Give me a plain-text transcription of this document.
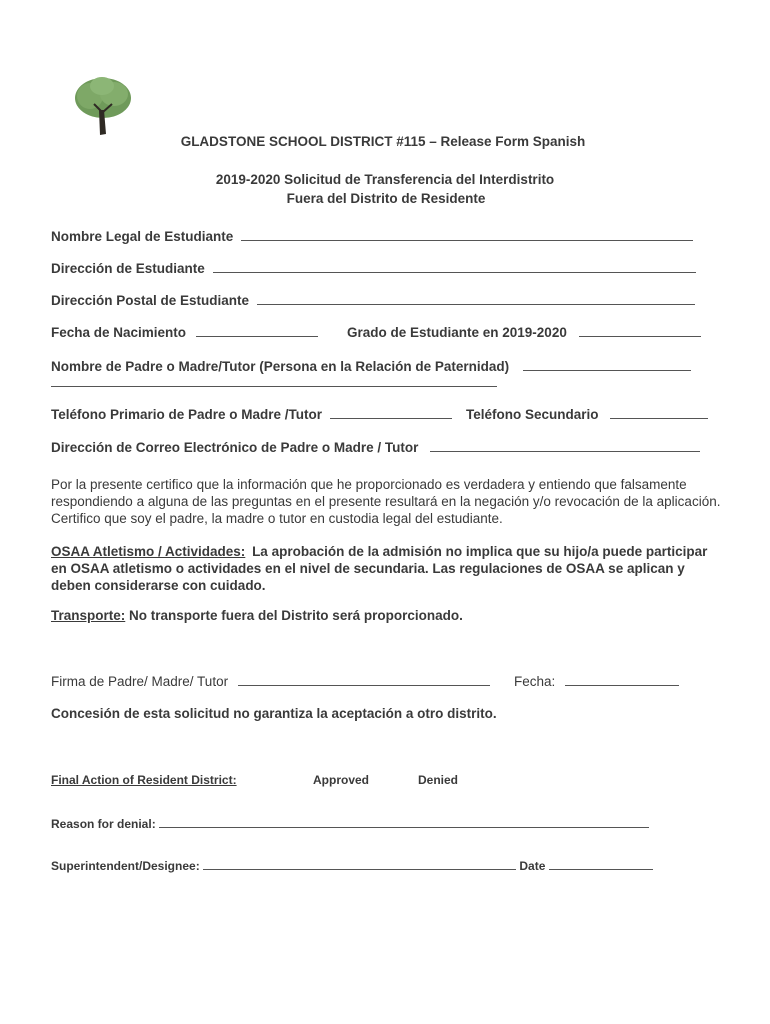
GLADSTONE SCHOOL DISTRICT #115 – Release Form Spanish
2019-2020 Solicitud de Transferencia del Interdistrito
Fuera del Distrito de Residente
Nombre Legal de Estudiante
Dirección de Estudiante
Dirección Postal de Estudiante
Fecha de Nacimiento	Grado de Estudiante en 2019-2020
Nombre de Padre o Madre/Tutor (Persona en la Relación de Paternidad)
Teléfono Primario de Padre o Madre /Tutor	Teléfono Secundario
Dirección de Correo Electrónico de Padre o Madre / Tutor
Por la presente certifico que la información que he proporcionado es verdadera y entiendo que falsamente respondiendo a alguna de las preguntas en el presente resultará en la negación y/o revocación de la aplicación. Certifico que soy el padre, la madre o tutor en custodia legal del estudiante.
OSAA Atletismo / Actividades: La aprobación de la admisión no implica que su hijo/a puede participar en OSAA atletismo o actividades en el nivel de secundaria. Las regulaciones de OSAA se aplican y deben considerarse con cuidado.
Transporte: No transporte fuera del Distrito será proporcionado.
Firma de Padre/ Madre/ Tutor	Fecha:
Concesión de esta solicitud no garantiza la aceptación a otro distrito.
Final Action of Resident District:	Approved	Denied
Reason for denial:
Superintendent/Designee:	Date
